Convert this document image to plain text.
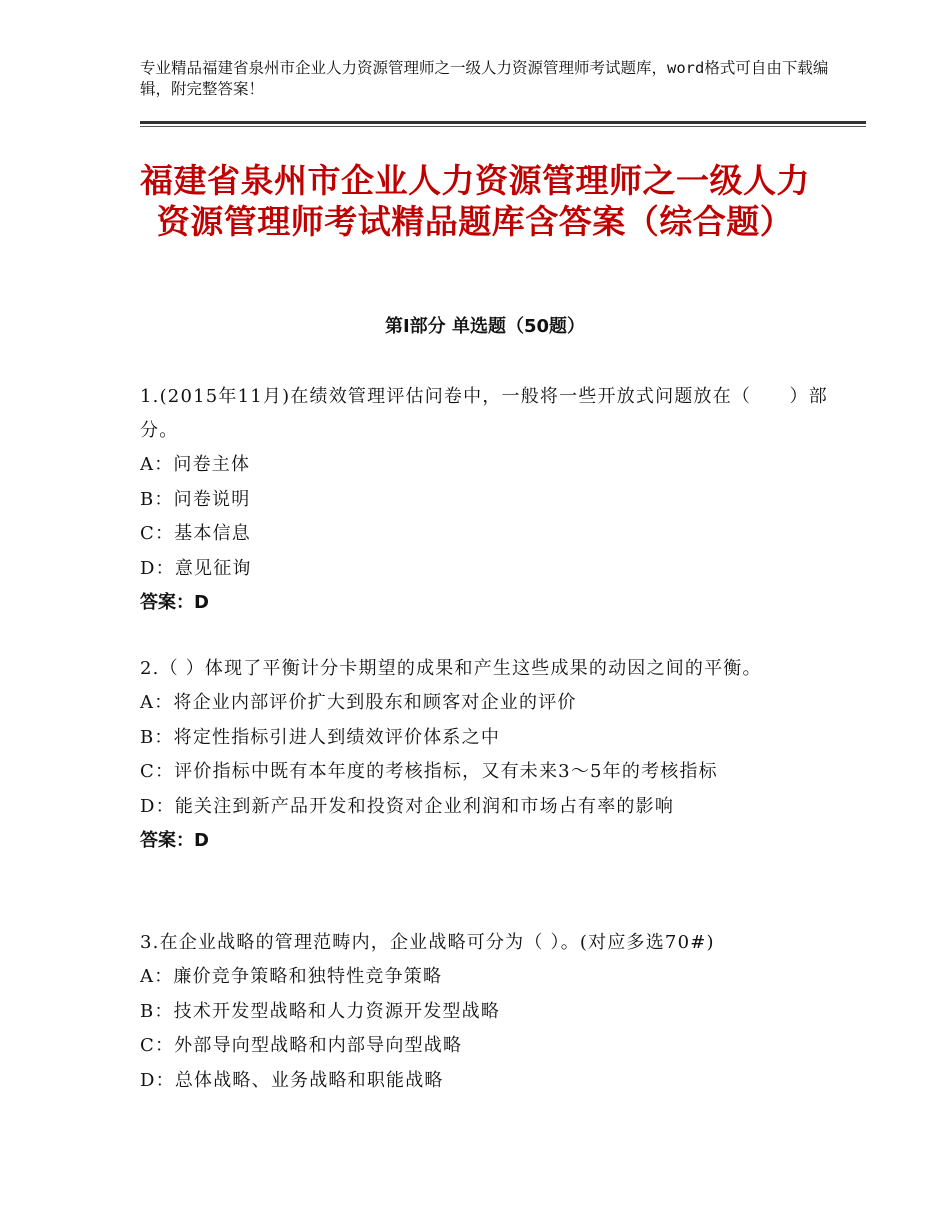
专业精品福建省泉州市企业人力资源管理师之一级人力资源管理师考试题库，word格式可自由下载编辑，附完整答案！
福建省泉州市企业人力资源管理师之一级人力资源管理师考试精品题库含答案（综合题）
第Ⅰ部分 单选题（50题）

1.(2015年11月)在绩效管理评估问卷中，一般将一些开放式问题放在（　　）部分。

A：问卷主体

B：问卷说明

C：基本信息

D：意见征询

答案：D

2.（ ）体现了平衡计分卡期望的成果和产生这些成果的动因之间的平衡。

A：将企业内部评价扩大到股东和顾客对企业的评价

B：将定性指标引进人到绩效评价体系之中

C：评价指标中既有本年度的考核指标，又有未来3～5年的考核指标

D：能关注到新产品开发和投资对企业利润和市场占有率的影响

答案：D

3.在企业战略的管理范畴内，企业战略可分为（ ）。(对应多选70#)

A：廉价竞争策略和独特性竞争策略

B：技术开发型战略和人力资源开发型战略

C：外部导向型战略和内部导向型战略

D：总体战略、业务战略和职能战略
